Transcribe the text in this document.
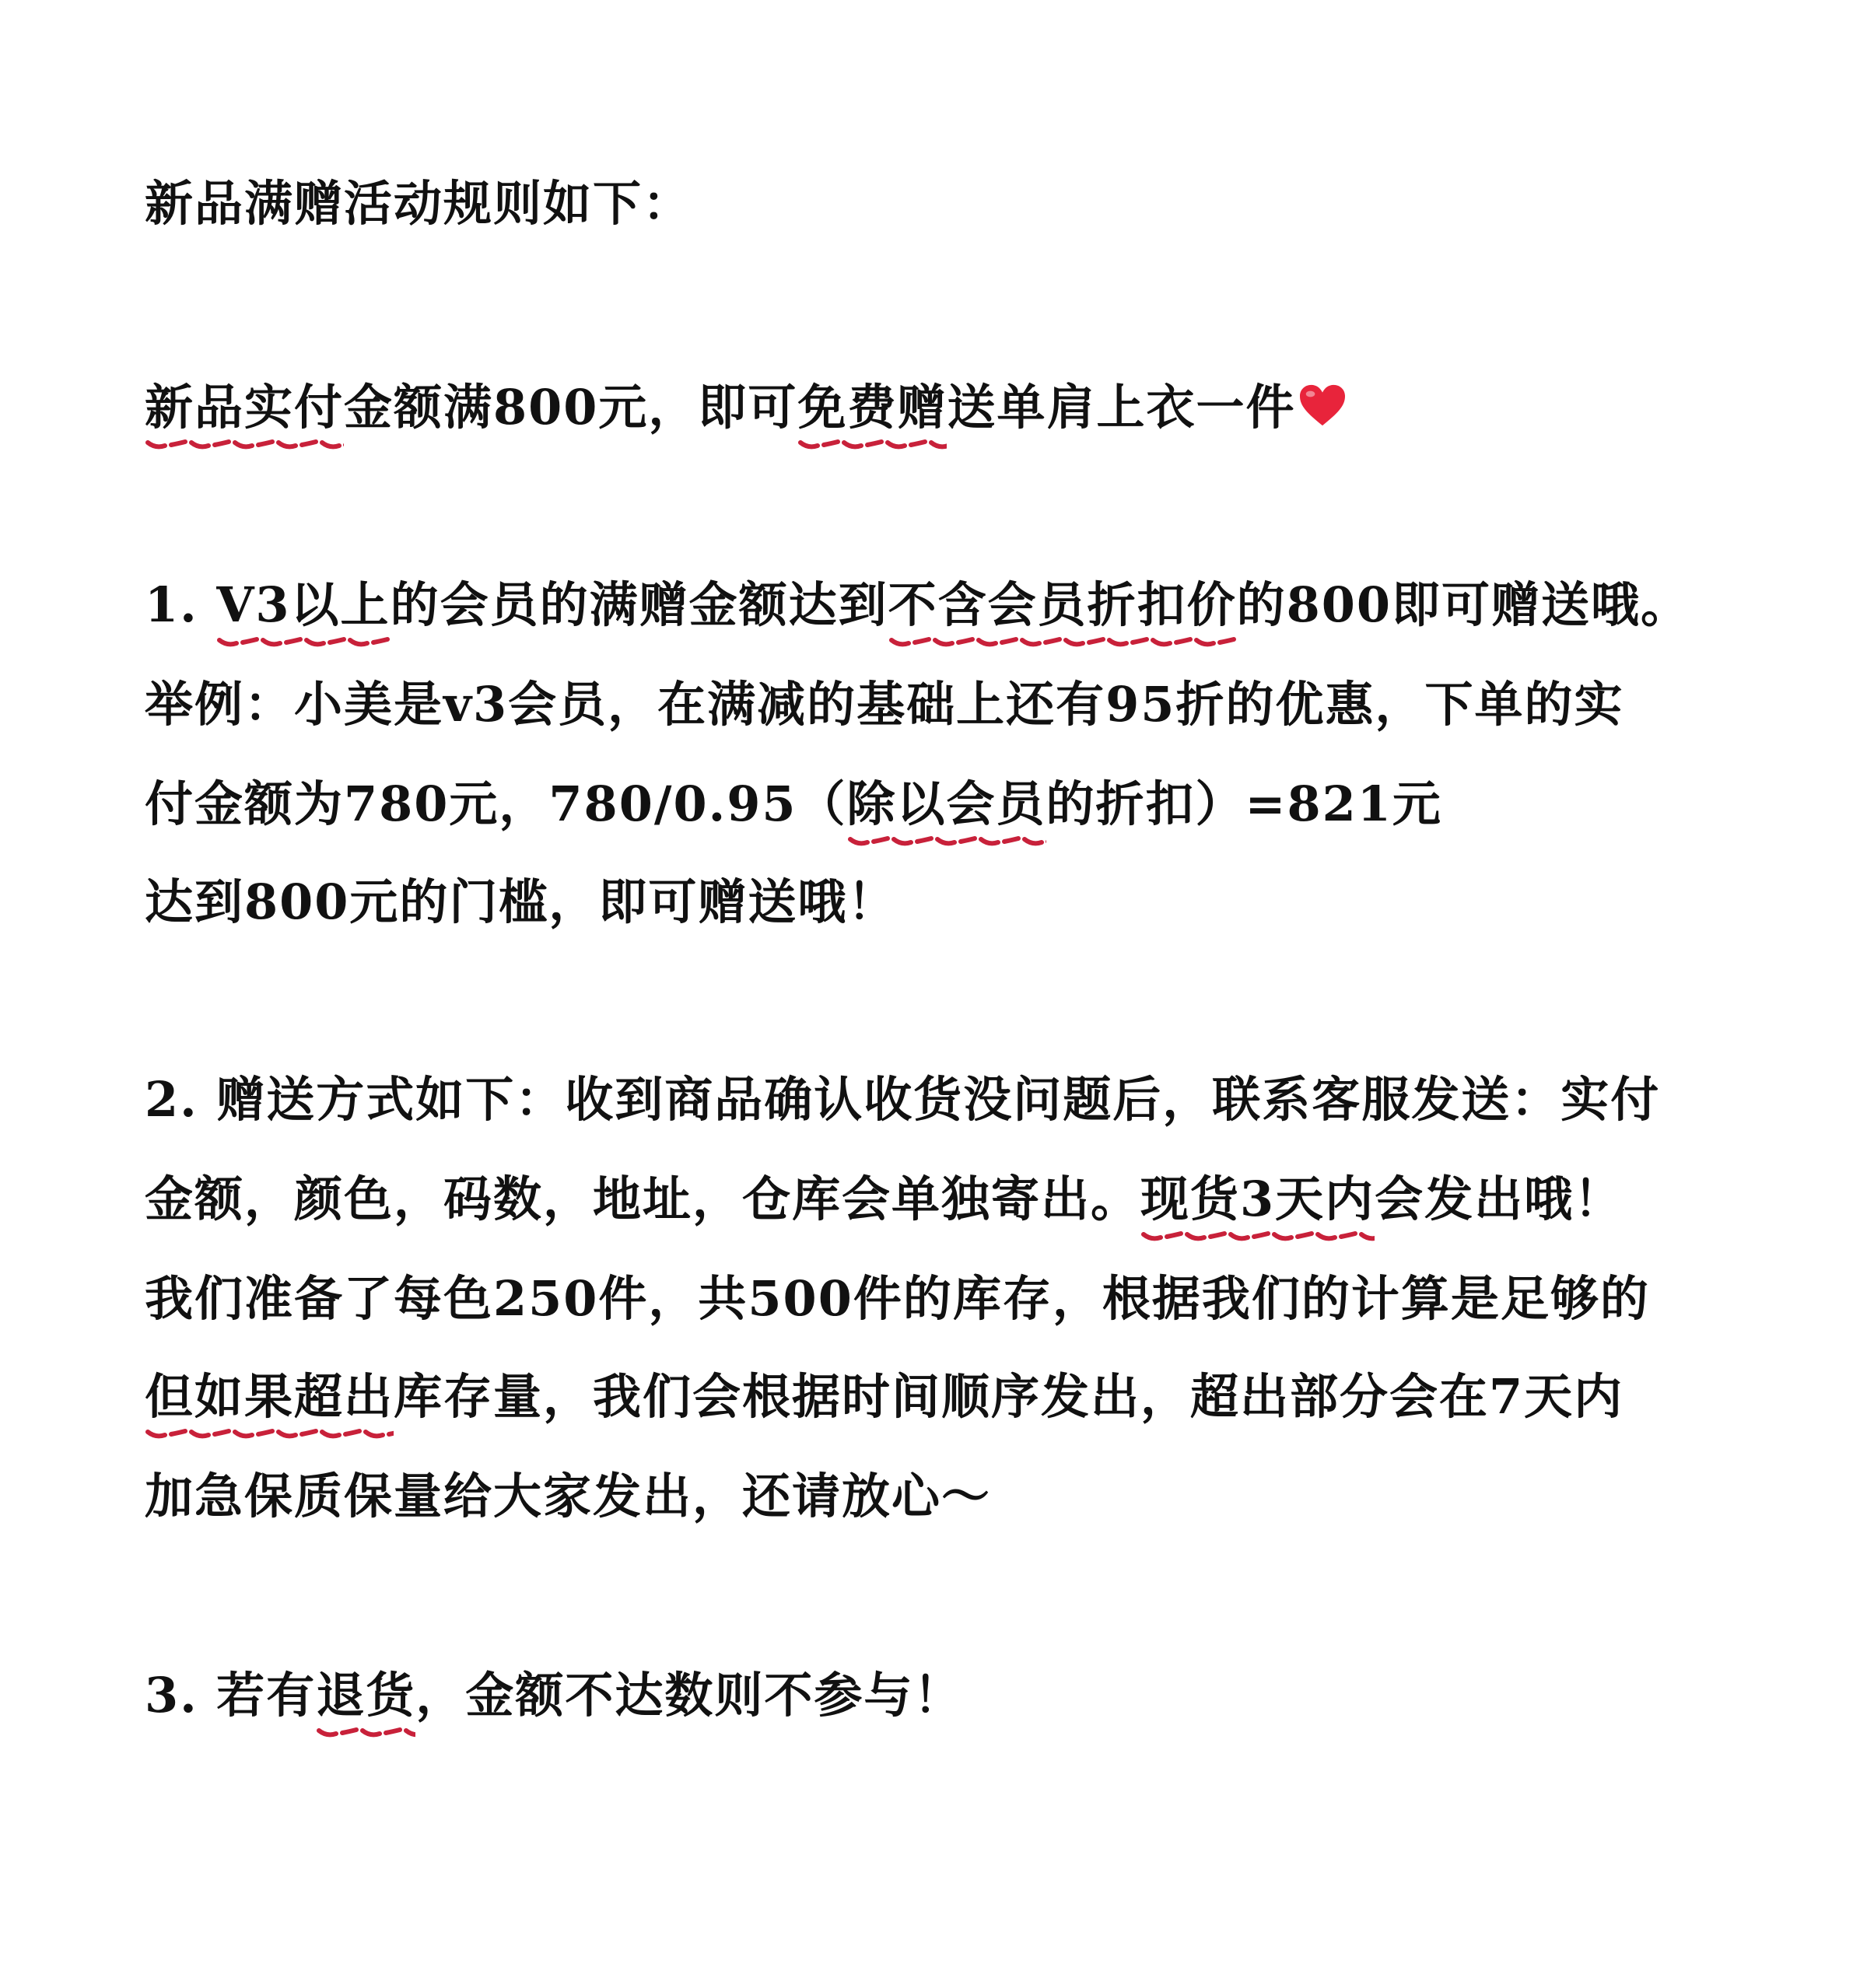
新品满赠活动规则如下：

新品实付金额满800元，即可免费赠送单肩上衣一件

1. V3以上的会员的满赠金额达到不含会员折扣价的800即可赠送哦。

举例：小美是v3会员，在满减的基础上还有95折的优惠，下单的实

付金额为780元，780/0.95（除以会员的折扣）=821元

达到800元的门槛，即可赠送哦！

2. 赠送方式如下：收到商品确认收货没问题后，联系客服发送：实付

金额，颜色，码数，地址，仓库会单独寄出。现货3天内会发出哦！

我们准备了每色250件，共500件的库存，根据我们的计算是足够的

但如果超出库存量，我们会根据时间顺序发出，超出部分会在7天内

加急保质保量给大家发出，还请放心～

3. 若有退货，金额不达数则不参与！
